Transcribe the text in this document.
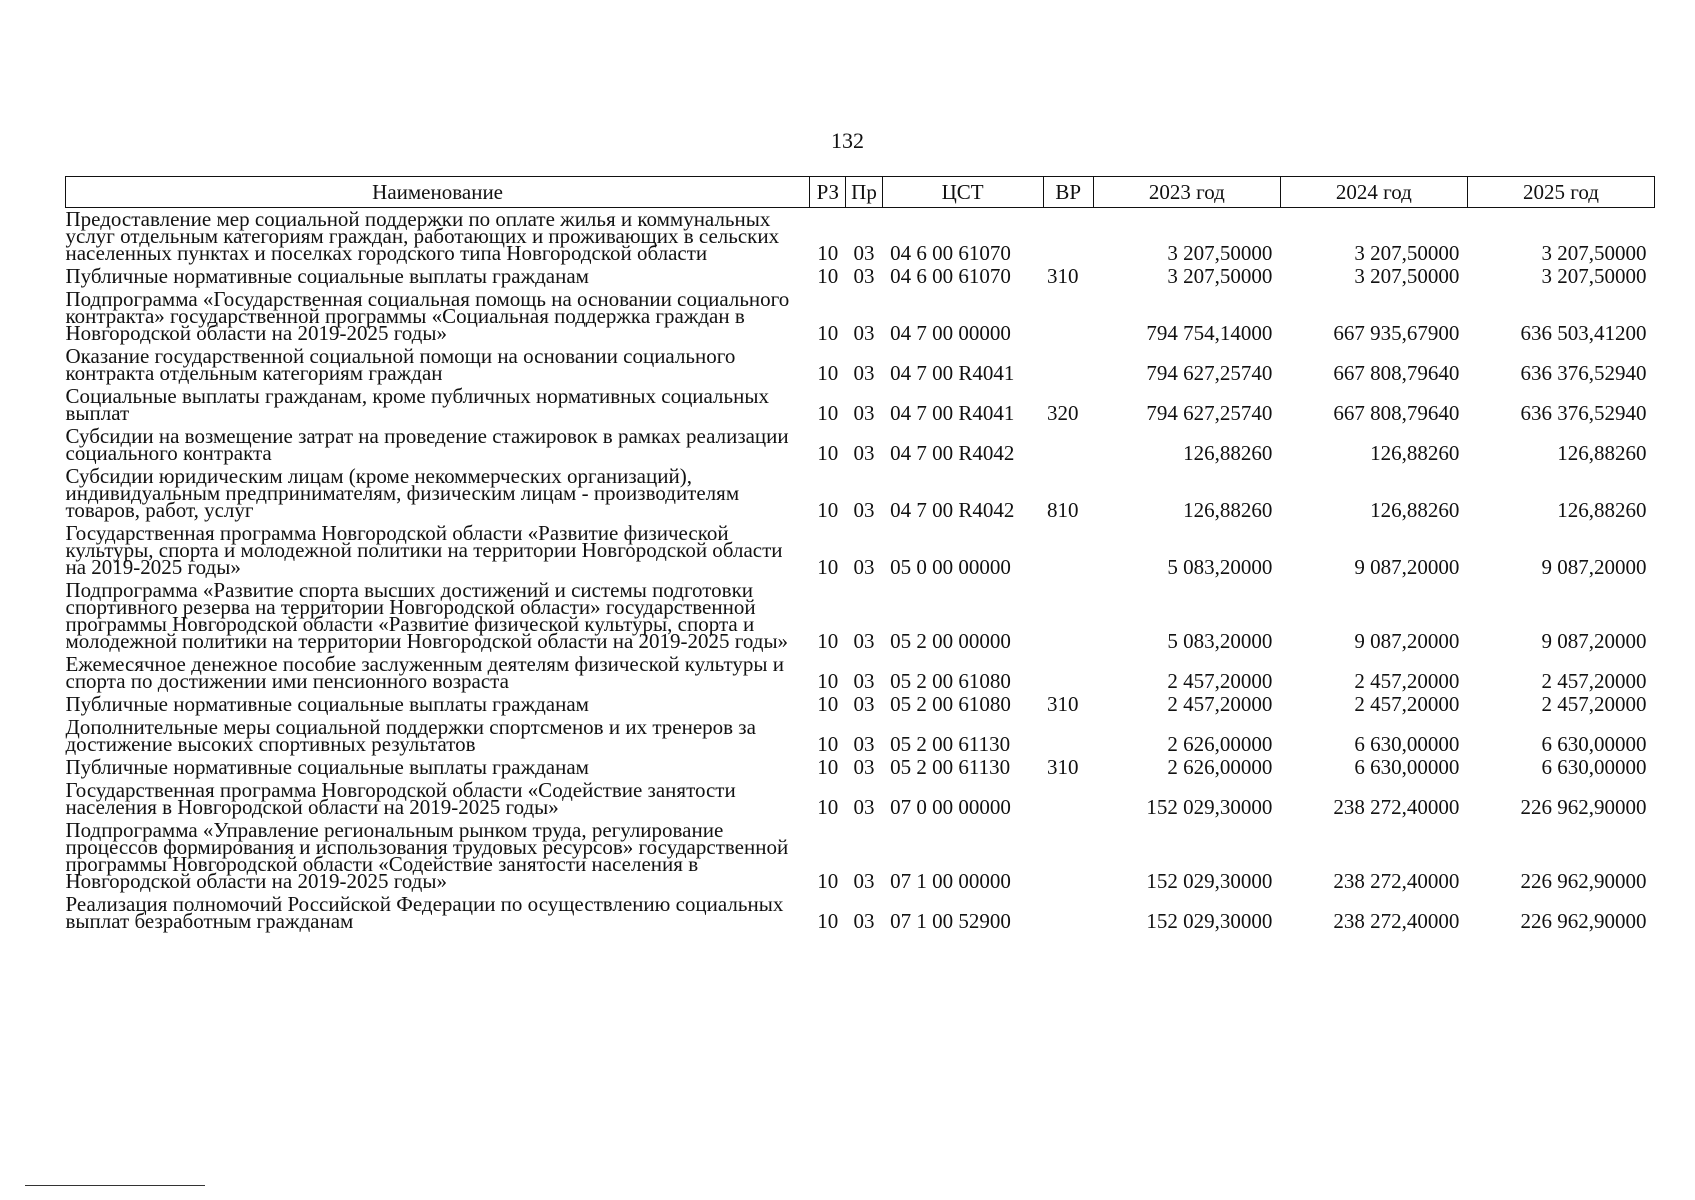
132
Наименование	РЗ	Пр	ЦСТ	ВР	2023 год	2024 год	2025 год
Предоставление мер социальной поддержки по оплате жилья и коммунальных услуг отдельным категориям граждан, работающих и проживающих в сельских населенных пунктах и поселках городского типа Новгородской области	10	03	04 6 00 61070		3 207,50000	3 207,50000	3 207,50000
Публичные нормативные социальные выплаты гражданам	10	03	04 6 00 61070	310	3 207,50000	3 207,50000	3 207,50000
Подпрограмма «Государственная социальная помощь на основании социального контракта» государственной программы «Социальная поддержка граждан в Новгородской области на 2019-2025 годы»	10	03	04 7 00 00000		794 754,14000	667 935,67900	636 503,41200
Оказание государственной социальной помощи на основании социального контракта отдельным категориям граждан	10	03	04 7 00 R4041		794 627,25740	667 808,79640	636 376,52940
Социальные выплаты гражданам, кроме публичных нормативных социальных выплат	10	03	04 7 00 R4041	320	794 627,25740	667 808,79640	636 376,52940
Субсидии на возмещение затрат на проведение стажировок в рамках реализации социального контракта	10	03	04 7 00 R4042		126,88260	126,88260	126,88260
Субсидии юридическим лицам (кроме некоммерческих организаций), индивидуальным предпринимателям, физическим лицам - производителям товаров, работ, услуг	10	03	04 7 00 R4042	810	126,88260	126,88260	126,88260
Государственная программа Новгородской области «Развитие физической культуры, спорта и молодежной политики на территории Новгородской области на 2019-2025 годы»	10	03	05 0 00 00000		5 083,20000	9 087,20000	9 087,20000
Подпрограмма «Развитие спорта высших достижений и системы подготовки спортивного резерва на территории Новгородской области» государственной программы Новгородской области «Развитие физической культуры, спорта и молодежной политики на территории Новгородской области на 2019-2025 годы»	10	03	05 2 00 00000		5 083,20000	9 087,20000	9 087,20000
Ежемесячное денежное пособие заслуженным деятелям физической культуры и спорта по достижении ими пенсионного возраста	10	03	05 2 00 61080		2 457,20000	2 457,20000	2 457,20000
Публичные нормативные социальные выплаты гражданам	10	03	05 2 00 61080	310	2 457,20000	2 457,20000	2 457,20000
Дополнительные меры социальной поддержки спортсменов и их тренеров за достижение высоких спортивных результатов	10	03	05 2 00 61130		2 626,00000	6 630,00000	6 630,00000
Публичные нормативные социальные выплаты гражданам	10	03	05 2 00 61130	310	2 626,00000	6 630,00000	6 630,00000
Государственная программа Новгородской области «Содействие занятости населения в Новгородской области на 2019-2025 годы»	10	03	07 0 00 00000		152 029,30000	238 272,40000	226 962,90000
Подпрограмма «Управление региональным рынком труда, регулирование процессов формирования и использования трудовых ресурсов» государственной программы Новгородской области «Содействие занятости населения в Новгородской области на 2019-2025 годы»	10	03	07 1 00 00000		152 029,30000	238 272,40000	226 962,90000
Реализация полномочий Российской Федерации по осуществлению социальных выплат безработным гражданам	10	03	07 1 00 52900		152 029,30000	238 272,40000	226 962,90000
